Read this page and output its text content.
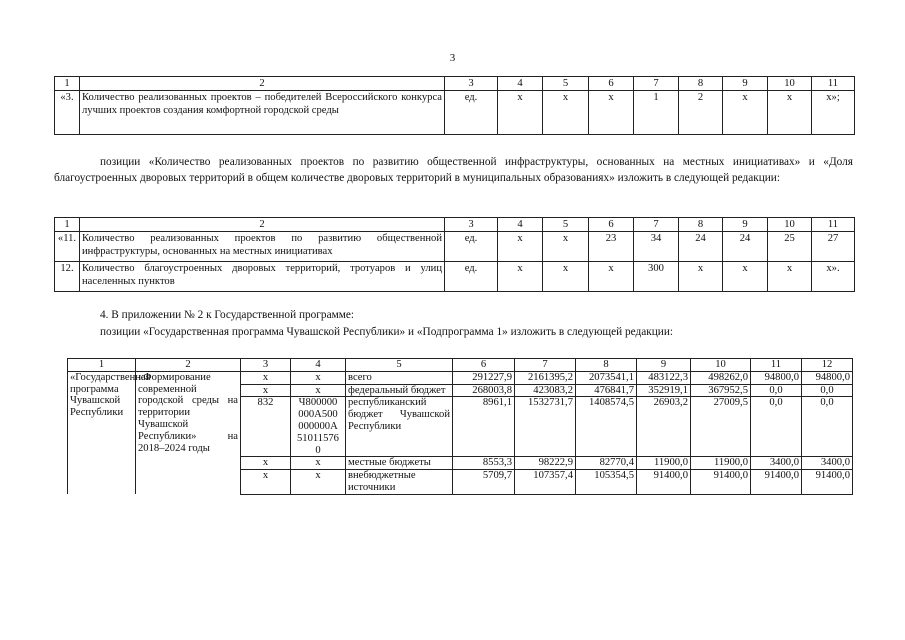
3
1	2	3	4	5	6	7	8	9	10	11
«3.	Количество реализованных проектов – победителей Всероссийского конкурса лучших проектов создания комфортной городской среды	ед.	х	х	х	1	2	х	х	х»;
позиции «Количество реализованных проектов по развитию общественной инфраструктуры, основанных на местных инициативах» и «Доля благоустроенных дворовых территорий в общем количестве дворовых территорий в муниципальных образованиях» изложить в следующей редакции:
1	2	3	4	5	6	7	8	9	10	11
«11.	Количество реализованных проектов по развитию общественной инфраструктуры, основанных на местных инициативах	ед.	х	х	23	34	24	24	25	27
12.	Количество благоустроенных дворовых территорий, тротуаров и улиц населенных пунктов	ед.	х	х	х	300	х	х	х	х».
4. В приложении № 2 к Государственной программе:
позиции «Государственная программа Чувашской Республики» и «Подпрограмма 1» изложить в следующей редакции:
1	2	3	4	5	6	7	8	9	10	11	12
«Государственная программа Чувашской Республики	«Формирование современной городской среды на территории Чувашской Республики» на 2018–2024 годы	х	х	всего	291227,9	2161395,2	2073541,1	483122,3	498262,0	94800,0	94800,0
		х	х	федеральный бюджет	268003,8	423083,2	476841,7	352919,1	367952,5	0,0	0,0
		832	Ч800000000А500000000А510115760	республиканский бюджет Чувашской Республики	8961,1	1532731,7	1408574,5	26903,2	27009,5	0,0	0,0
		х	х	местные бюджеты	8553,3	98222,9	82770,4	11900,0	11900,0	3400,0	3400,0
		х	х	внебюджетные источники	5709,7	107357,4	105354,5	91400,0	91400,0	91400,0	91400,0
